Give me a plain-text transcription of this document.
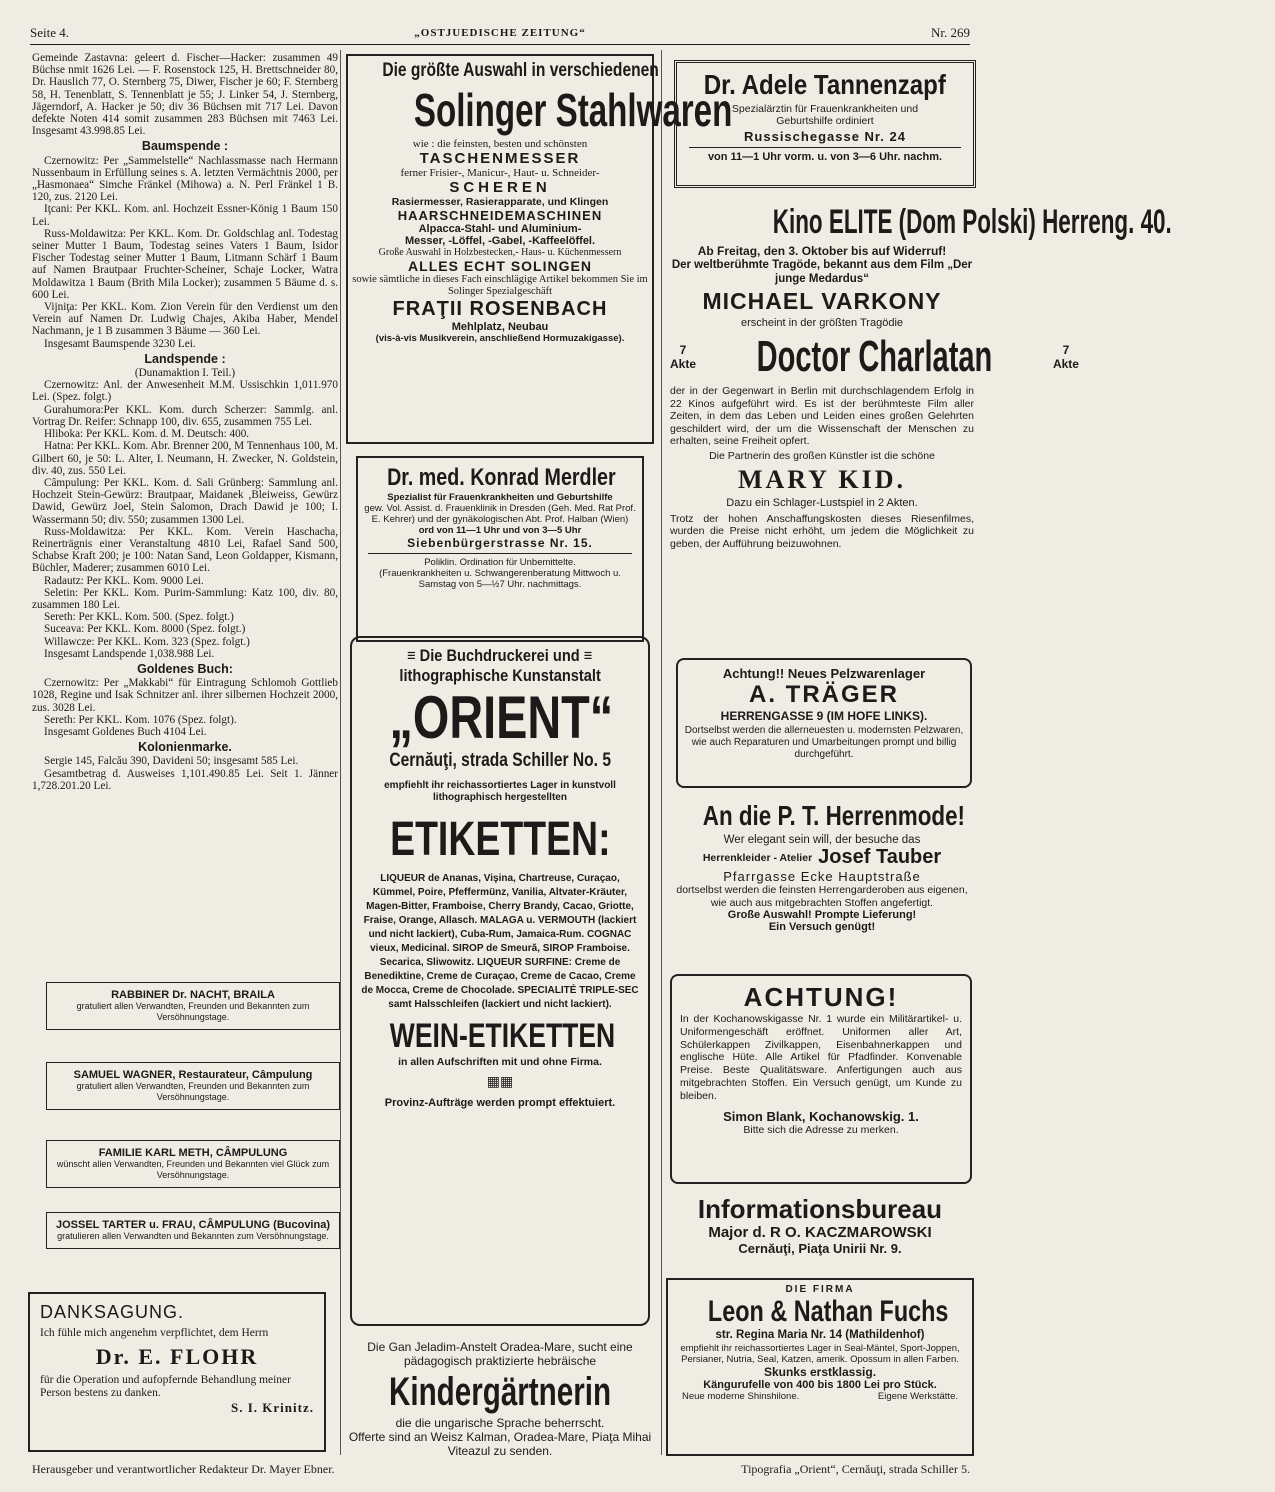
Seite 4.	„OSTJUEDISCHE ZEITUNG“	Nr. 269

Gemeinde Zastavna: geleert d. Fischer—Hacker: zusammen 49 Büchse nmit 1626 Lei. — F. Rosenstock 125, H. Brettschneider 80, Dr. Hauslich 77, O. Sternberg 75, Diwer, Fischer je 60; F. Sternberg 58, H. Tenenblatt, S. Tennenblatt je 55; J. Linker 54, J. Sternberg, Jägerndorf, A. Hacker je 50; div 36 Büchsen mit 717 Lei. Davon defekte Noten 414 somit zusammen 283 Büchsen mit 7463 Lei. Insgesamt 43.998.85 Lei.

Baumspende :

Czernowitz: Per „Sammelstelle“ Nachlassmasse nach Hermann Nussenbaum in Erfüllung seines s. A. letzten Vermächtnis 2000, per „Hasmonaea“ Simche Fränkel (Mihowa) a. N. Perl Fränkel 1 B. 120, zus. 2120 Lei.

Iţcani: Per KKL. Kom. anl. Hochzeit Essner-König 1 Baum 150 Lei.

Russ-Moldawitza: Per KKL. Kom. Dr. Goldschlag anl. Todestag seiner Mutter 1 Baum, Todestag seines Vaters 1 Baum, Isidor Fischer Todestag seiner Mutter 1 Baum, Litmann Schärf 1 Baum auf Namen Brautpaar Fruchter-Scheiner, Schaje Locker, Watra Moldawitza 1 Baum (Brith Mila Locker); zusammen 5 Bäume d. s. 600 Lei.

Vijniţa: Per KKL. Kom. Zion Verein für den Verdienst um den Verein auf Namen Dr. Ludwig Chajes, Akiba Haber, Mendel Nachmann, je 1 B zusammen 3 Bäume — 360 Lei.

Insgesamt Baumspende 3230 Lei.

Landspende :

(Dunamaktion I. Teil.)

Czernowitz: Anl. der Anwesenheit M.M. Ussischkin 1,011.970 Lei. (Spez. folgt.)

Gurahumora:Per KKL. Kom. durch Scherzer: Sammlg. anl. Vortrag Dr. Reifer: Schnapp 100, div. 655, zusammen 755 Lei.

Hliboka: Per KKL. Kom. d. M. Deutsch: 400.

Hatna: Per KKL. Kom. Abr. Brenner 200, M Tennenhaus 100, M. Gilbert 60, je 50: L. Alter, I. Neumann, H. Zwecker, N. Goldstein, div. 40, zus. 550 Lei.

Câmpulung: Per KKL. Kom. d. Sali Grünberg: Sammlung anl. Hochzeit Stein-Gewürz: Brautpaar, Maidanek ,Bleiweiss, Gewürz Dawid, Gewürz Joel, Stein Salomon, Drach Dawid je 100; I. Wassermann 50; div. 550; zusammen 1300 Lei.

Russ-Moldawitza: Per KKL. Kom. Verein Haschacha, Reinerträgnis einer Veranstaltung 4810 Lei, Rafael Sand 500, Schabse Kraft 200; je 100: Natan Sand, Leon Goldapper, Kismann, Büchler, Maderer; zusammen 6010 Lei.

Radautz: Per KKL. Kom. 9000 Lei.

Seletin: Per KKL. Kom. Purim-Sammlung: Katz 100, div. 80, zusammen 180 Lei.

Sereth: Per KKL. Kom. 500. (Spez. folgt.)

Suceava: Per KKL. Kom. 8000 (Spez. folgt.)

Willawcze: Per KKL. Kom. 323 (Spez. folgt.)

Insgesamt Landspende 1,038.988 Lei.

Goldenes Buch:

Czernowitz: Per „Makkabi“ für Eintragung Schlomoh Gottlieb 1028, Regine und Isak Schnitzer anl. ihrer silbernen Hochzeit 2000, zus. 3028 Lei.

Sereth: Per KKL. Kom. 1076 (Spez. folgt).

Insgesamt Goldenes Buch 4104 Lei.

Kolonienmarke.

Sergie 145, Falcău 390, Davideni 50; insgesamt 585 Lei.

Gesamtbetrag d. Ausweises 1,101.490.85 Lei. Seit 1. Jänner 1,728.201.20 Lei.

RABBINER Dr. NACHT, BRAILA
gratuliert allen Verwandten, Freunden und Bekannten zum Versöhnungstage.
SAMUEL WAGNER, Restaurateur, Câmpulung
gratuliert allen Verwandten, Freunden und Bekannten zum Versöhnungstage.
FAMILIE KARL METH, CÂMPULUNG
wünscht allen Verwandten, Freunden und Bekannten viel Glück zum Versöhnungstage.
JOSSEL TARTER u. FRAU, CÂMPULUNG (Bucovina)
gratulieren allen Verwandten und Bekannten zum Versöhnungstage.
DANKSAGUNG.
Ich fühle mich angenehm verpflichtet, dem Herrn
Dr. E. FLOHR
für die Operation und aufopfernde Behandlung meiner Person bestens zu danken.
S. I. Krinitz.
Die größte Auswahl in verschiedenen Solinger Stahlwaren
wie : die feinsten, besten und schönsten
TASCHENMESSER
ferner Frisier-, Manicur-, Haut- u. Schneider-
SCHEREN
Rasiermesser, Rasierapparate, und Klingen
HAARSCHNEIDEMASCHINEN
Alpacca-Stahl- und Aluminium-
Messer, -Löffel, -Gabel, -Kaffeelöffel.
Große Auswahl in Holzbestecken,- Haus- u. Küchenmessern
ALLES ECHT SOLINGEN
sowie sämtliche in dieses Fach einschlägige Artikel bekommen Sie im Solinger Spezialgeschäft
FRAŢII ROSENBACH
Mehlplatz, Neubau
(vis-à-vis Musikverein, anschließend Hormuzakigasse).
Dr. med. Konrad Merdler
Spezialist für Frauenkrankheiten und Geburtshilfe
gew. Vol. Assist. d. Frauenklinik in Dresden (Geh. Med. Rat Prof. E. Kehrer) und der gynäkologischen Abt. Prof. Halban (Wien)
ord von 11—1 Uhr und von 3—5 Uhr
Siebenbürgerstrasse Nr. 15.
Poliklin. Ordination für Unbemittelte.
(Frauenkrankheiten u. Schwangerenberatung Mittwoch u. Samstag von 5—½7 Uhr. nachmittags.
≡ Die Buchdruckerei und ≡ lithographische Kunstanstalt „ORIENT“ Cernăuţi, strada Schiller No. 5
empfiehlt ihr reichassortiertes Lager in kunstvoll lithographisch hergestellten
ETIKETTEN:
LIQUEUR de Ananas, Vişina, Chartreuse, Curaçao, Kümmel, Poire, Pfeffermünz, Vanilia, Altvater-Kräuter, Magen-Bitter, Framboise, Cherry Brandy, Cacao, Griotte, Fraise, Orange, Allasch. MALAGA u. VERMOUTH (lackiert und nicht lackiert), Cuba-Rum, Jamaica-Rum. COGNAC vieux, Medicinal. SIROP de Smeură, SIROP Framboise. Secarica, Sliwowitz. LIQUEUR SURFINE: Creme de Benediktine, Creme de Curaçao, Creme de Cacao, Creme de Mocca, Creme de Chocolade. SPECIALITÉ TRIPLE-SEC samt Halsschleifen (lackiert und nicht lackiert).
WEIN-ETIKETTEN
in allen Aufschriften mit und ohne Firma.
▦▦
Provinz-Aufträge werden prompt effektuiert.
Die Gan Jeladim-Anstelt Oradea-Mare, sucht eine pädagogisch praktizierte hebräische
Kindergärtnerin
die die ungarische Sprache beherrscht.
Offerte sind an Weisz Kalman, Oradea-Mare, Piaţa Mihai Viteazul zu senden.
Dr. Adele Tannenzapf
Spezialärztin für Frauenkrankheiten und Geburtshilfe ordiniert
Russischegasse Nr. 24
von 11—1 Uhr vorm. u. von 3—6 Uhr. nachm.
Kino ELITE (Dom Polski) Herreng. 40.
Ab Freitag, den 3. Oktober bis auf Widerruf!
Der weltberühmte Tragöde, bekannt aus dem Film „Der junge Medardus“
MICHAEL VARKONY
erscheint in der größten Tragödie
7 Akte Doctor Charlatan	7 Akte
der in der Gegenwart in Berlin mit durchschlagendem Erfolg in 22 Kinos aufgeführt wird. Es ist der berühmteste Film aller Zeiten, in dem das Leben und Leiden eines großen Gelehrten geschildert wird, der um die Wissenschaft der Menschen zu erhalten, seine Freiheit opfert.
Die Partnerin des großen Künstler ist die schöne
MARY KID.
Dazu ein Schlager-Lustspiel in 2 Akten.
Trotz der hohen Anschaffungskosten dieses Riesenfilmes, wurden die Preise nicht erhöht, um jedem die Möglichkeit zu geben, der Aufführung beizuwohnen.
Achtung!! Neues Pelzwarenlager
A. TRÄGER
HERRENGASSE 9 (IM HOFE LINKS).
Dortselbst werden die allerneuesten u. modernsten Pelzwaren, wie auch Reparaturen und Umarbeitungen prompt und billig durchgeführt.
An die P. T. Herrenmode!
Wer elegant sein will, der besuche das
Herrenkleider - Atelier Josef Tauber
Pfarrgasse Ecke Hauptstraße
dortselbst werden die feinsten Herrengarderoben aus eigenen, wie auch aus mitgebrachten Stoffen angefertigt.
Große Auswahl! Prompte Lieferung!
Ein Versuch genügt!
ACHTUNG!
In der Kochanowskigasse Nr. 1 wurde ein Militärartikel- u. Uniformengeschäft eröffnet. Uniformen aller Art, Schülerkappen Zivilkappen, Eisenbahnerkappen und englische Hüte. Alle Artikel für Pfadfinder. Konvenable Preise. Beste Qualitätsware. Anfertigungen auch aus mitgebrachten Stoffen. Ein Versuch genügt, um Kunde zu bleiben.
Simon Blank, Kochanowskig. 1.
Bitte sich die Adresse zu merken.
Informationsbureau
Major d. R O. KACZMAROWSKI
Cernăuţi, Piaţa Unirii Nr. 9.
DIE FIRMA
Leon & Nathan Fuchs
str. Regina Maria Nr. 14 (Mathildenhof)
empfiehlt ihr reichassortiertes Lager in Seal-Mäntel, Sport-Joppen, Persianer, Nutria, Seal, Katzen, amerik. Opossum in allen Farben.
Skunks erstklassig.
Kängurufelle von 400 bis 1800 Lei pro Stück.
Neue moderne Shinshilone.	Eigene Werkstätte.
Herausgeber und verantwortlicher Redakteur Dr. Mayer Ebner.	Tipografia „Orient“, Cernăuţi, strada Schiller 5.
